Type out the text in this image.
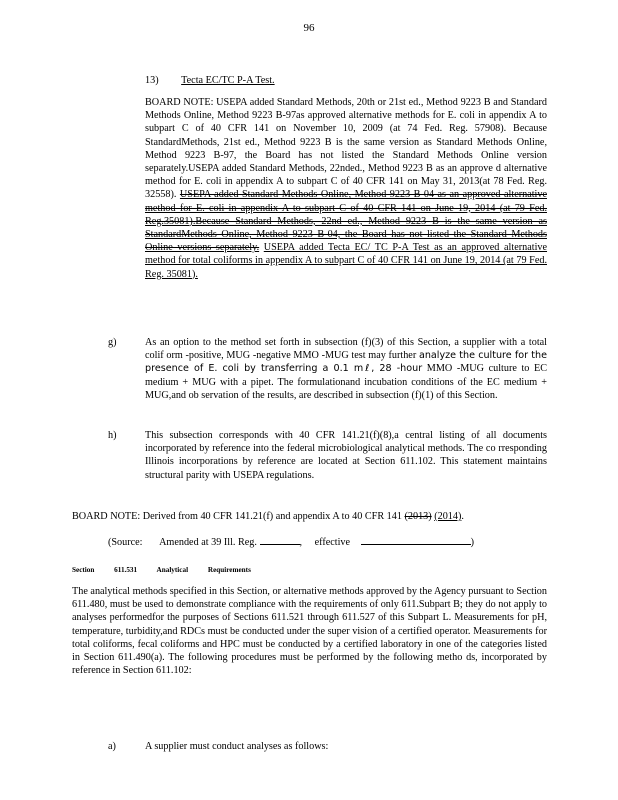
96
13) Tecta EC/TC P-A Test.
BOARD NOTE: USEPA added Standard Methods, 20th or 21st ed., Method 9223 B and Standard Methods Online, Method 9223 B-97as approved alternative methods for E. coli in appendix A to subpart C of 40 CFR 141 on November 10, 2009 (at 74 Fed. Reg. 57908). Because StandardMethods, 21st ed., Method 9223 B is the same version as Standard Methods Online, Method 9223 B-97, the Board has not listed the Standard Methods Online version separately.USEPA added Standard Methods, 22nded., Method 9223 B as an approve d alternative method for E. coli in appendix A to subpart C of 40 CFR 141 on May 31, 2013(at 78 Fed. Reg. 32558). USEPA added Standard Methods Online, Method 9223 B-04 as an approved alternative method for E. coli in appendix A to subpart C of 40 CFR 141 on June 19, 2014 (at 79 Fed. Reg.35081).Because Standard Methods, 22nd ed., Method 9223 B is the same version as StandardMethods Online, Method 9223 B-04, the Board has not listed the Standard Methods Online versions separately. USEPA added Tecta EC/ TC P-A Test as an approved alternative method for total coliforms in appendix A to subpart C of 40 CFR 141 on June 19, 2014 (at 79 Fed. Reg. 35081).
g)	As an option to the method set forth in subsection (f)(3) of this Section, a supplier with a total colif orm -positive, MUG -negative MMO -MUG test may further analyze the culture for the presence of E. coli by transferring a 0.1 mℓ, 28 -hour MMO -MUG culture to EC medium + MUG with a pipet. The formulationand incubation conditions of the EC medium + MUG,and ob servation of the results, are described in subsection (f)(1) of this Section.
h)	This subsection corresponds with 40 CFR 141.21(f)(8),a central listing of all documents incorporated by reference into the federal microbiological analytical methods. The co rresponding Illinois incorporations by reference are located at Section 611.102. This statement maintains structural parity with USEPA regulations.
BOARD NOTE: Derived from 40 CFR 141.21(f) and appendix A to 40 CFR 141 (2013) (2014).
(Source: Amended at 39 Ill. Reg.	, effective	)
Section	611.531	Analytical	Requirements
The analytical methods specified in this Section, or alternative methods approved by the Agency pursuant to Section 611.480, must be used to demonstrate compliance with the requirements of only 611.Subpart B; they do not apply to analyses performedfor the purposes of Sections 611.521 through 611.527 of this Subpart L. Measurements for pH, temperature, turbidity,and RDCs must be conducted under the super vision of a certified operator. Measurements for total coliforms, fecal coliforms and HPC must be conducted by a certified laboratory in one of the categories listed in Section 611.490(a). The following procedures must be performed by the following metho ds, incorporated by reference in Section 611.102:
a)	A supplier must conduct analyses as follows:
